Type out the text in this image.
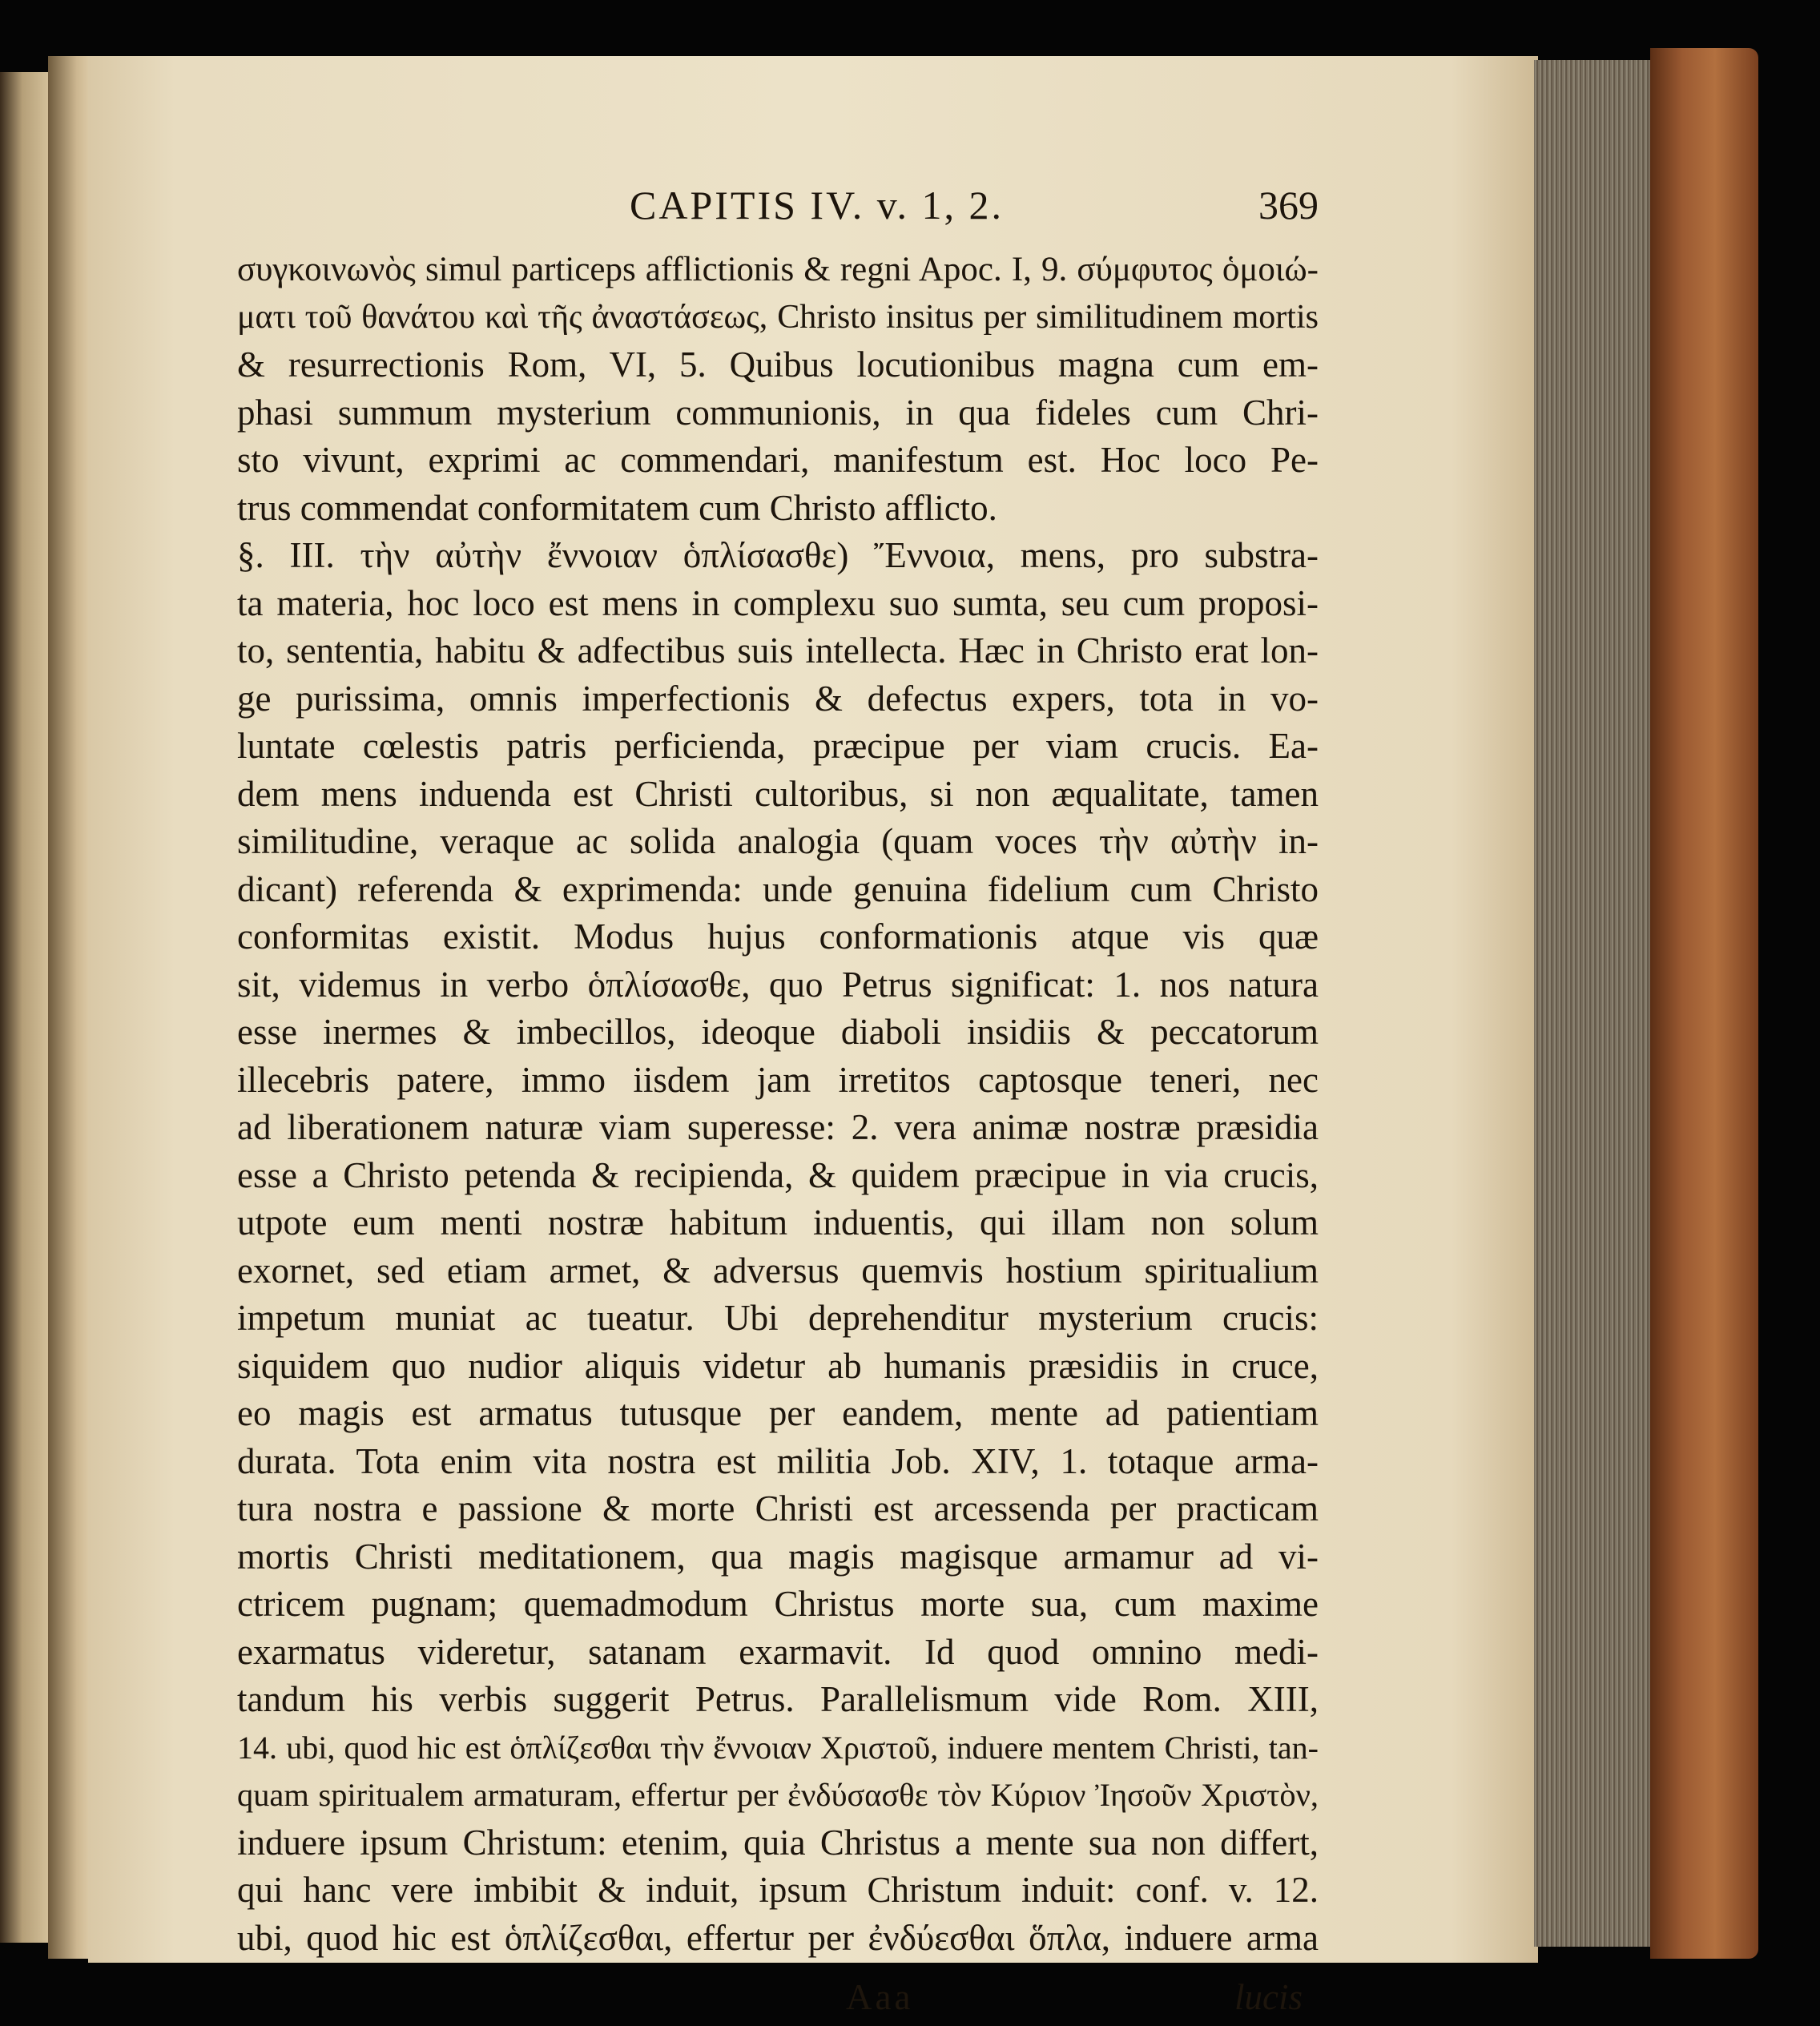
CAPITIS IV. v. 1, 2.	369
συγκοινωνὸς simul particeps afflictionis & regni Apoc. I, 9. σύμφυτος ὁμοιώ-
ματι τοῦ θανάτου καὶ τῆς ἀναστάσεως, Christo insitus per similitudinem mortis
& resurrectionis Rom, VI, 5. Quibus locutionibus magna cum em-
phasi summum mysterium communionis, in qua fideles cum Chri-
sto vivunt, exprimi ac commendari, manifestum est. Hoc loco Pe-
trus commendat conformitatem cum Christo afflicto.
§. III. τὴν αὐτὴν ἔννοιαν ὁπλίσασθε) Ἔννοια, mens, pro substra-
ta materia, hoc loco est mens in complexu suo sumta, seu cum proposi-
to, sententia, habitu & adfectibus suis intellecta. Hæc in Christo erat lon-
ge purissima, omnis imperfectionis & defectus expers, tota in vo-
luntate cœlestis patris perficienda, præcipue per viam crucis. Ea-
dem mens induenda est Christi cultoribus, si non æqualitate, tamen
similitudine, veraque ac solida analogia (quam voces τὴν αὐτὴν in-
dicant) referenda & exprimenda: unde genuina fidelium cum Christo
conformitas existit. Modus hujus conformationis atque vis quæ
sit, videmus in verbo ὁπλίσασθε, quo Petrus significat: 1. nos natura
esse inermes & imbecillos, ideoque diaboli insidiis & peccatorum
illecebris patere, immo iisdem jam irretitos captosque teneri, nec
ad liberationem naturæ viam superesse: 2. vera animæ nostræ præsidia
esse a Christo petenda & recipienda, & quidem præcipue in via crucis,
utpote eum menti nostræ habitum induentis, qui illam non solum
exornet, sed etiam armet, & adversus quemvis hostium spiritualium
impetum muniat ac tueatur. Ubi deprehenditur mysterium crucis:
siquidem quo nudior aliquis videtur ab humanis præsidiis in cruce,
eo magis est armatus tutusque per eandem, mente ad patientiam
durata. Tota enim vita nostra est militia Job. XIV, 1. totaque arma-
tura nostra e passione & morte Christi est arcessenda per practicam
mortis Christi meditationem, qua magis magisque armamur ad vi-
ctricem pugnam; quemadmodum Christus morte sua, cum maxime
exarmatus videretur, satanam exarmavit. Id quod omnino medi-
tandum his verbis suggerit Petrus. Parallelismum vide Rom. XIII,
14. ubi, quod hic est ὁπλίζεσθαι τὴν ἔννοιαν Χριστοῦ, induere mentem Christi, tan-
quam spiritualem armaturam, effertur per ἐνδύσασθε τὸν Κύριον Ἰησοῦν Χριστὸν,
induere ipsum Christum: etenim, quia Christus a mente sua non differt,
qui hanc vere imbibit & induit, ipsum Christum induit: conf. v. 12.
ubi, quod hic est ὁπλίζεσθαι, effertur per ἐνδύεσθαι ὅπλα, induere arma
Aaa	lucis
